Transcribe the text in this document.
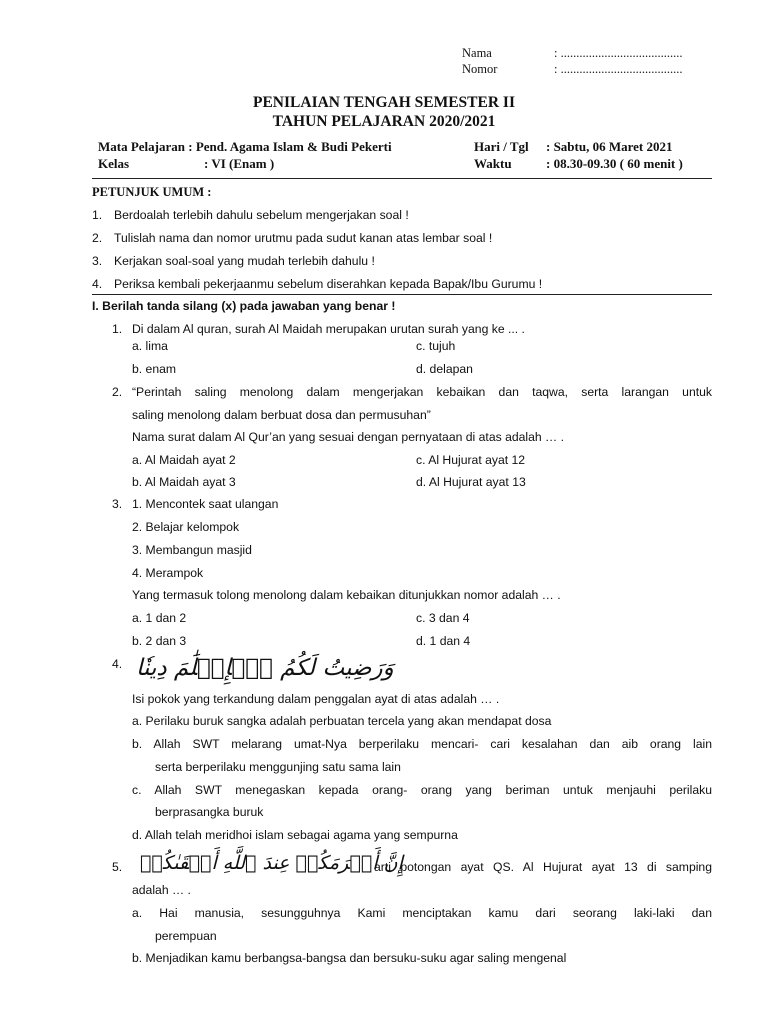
Nama	: .......................................
Nomor	: .......................................
PENILAIAN TENGAH SEMESTER II
TAHUN PELAJARAN 2020/2021
Mata Pelajaran : Pend. Agama Islam & Budi Pekerti
Kelas	: VI (Enam )
Hari / Tgl : Sabtu, 06 Maret 2021
Waktu	: 08.30-09.30 ( 60 menit )
PETUNJUK UMUM :
1. Berdoalah terlebih dahulu sebelum mengerjakan soal !
2. Tulislah nama dan nomor urutmu pada sudut kanan atas lembar soal !
3. Kerjakan soal-soal yang mudah terlebih dahulu !
4. Periksa kembali pekerjaanmu sebelum diserahkan kepada Bapak/Ibu Gurumu !
I. Berilah tanda silang (x) pada jawaban yang benar !
1. Di dalam Al quran, surah Al Maidah merupakan urutan surah yang ke ... .
a. lima
b. enam
c. tujuh
d. delapan
2. “Perintah saling menolong dalam mengerjakan kebaikan dan taqwa, serta larangan untuk
saling menolong dalam berbuat dosa dan permusuhan”
Nama surat dalam Al Qur’an yang sesuai dengan pernyataan di atas adalah … .
a. Al Maidah ayat 2
b. Al Maidah ayat 3
c. Al Hujurat ayat 12
d. Al Hujurat ayat 13
3. 1. Mencontek saat ulangan
2. Belajar kelompok
3. Membangun masjid
4. Merampok
Yang termasuk tolong menolong dalam kebaikan ditunjukkan nomor adalah … .
a. 1 dan 2
b. 2 dan 3
c. 3 dan 4
d. 1 dan 4
4. وَرَضِيتُ لَكُمُ ٱلۡإِسۡلَٰمَ دِينٗا
Isi pokok yang terkandung dalam penggalan ayat di atas adalah … .
a. Perilaku buruk sangka adalah perbuatan tercela yang akan mendapat dosa
b. Allah SWT melarang umat-Nya berperilaku mencari- cari kesalahan dan aib orang lain
serta berperilaku menggunjing satu sama lain
c. Allah SWT menegaskan kepada orang- orang yang beriman untuk menjauhi perilaku
berprasangka buruk
d. Allah telah meridhoi islam sebagai agama yang sempurna
5. إِنَّ أَكۡرَمَكُمۡ عِندَ ٱللَّهِ أَتۡقَىٰكُمۡ
arti potongan ayat QS. Al Hujurat ayat 13 di samping
adalah … .
a. Hai manusia, sesungguhnya Kami menciptakan kamu dari seorang laki-laki dan
perempuan
b. Menjadikan kamu berbangsa-bangsa dan bersuku-suku agar saling mengenal
